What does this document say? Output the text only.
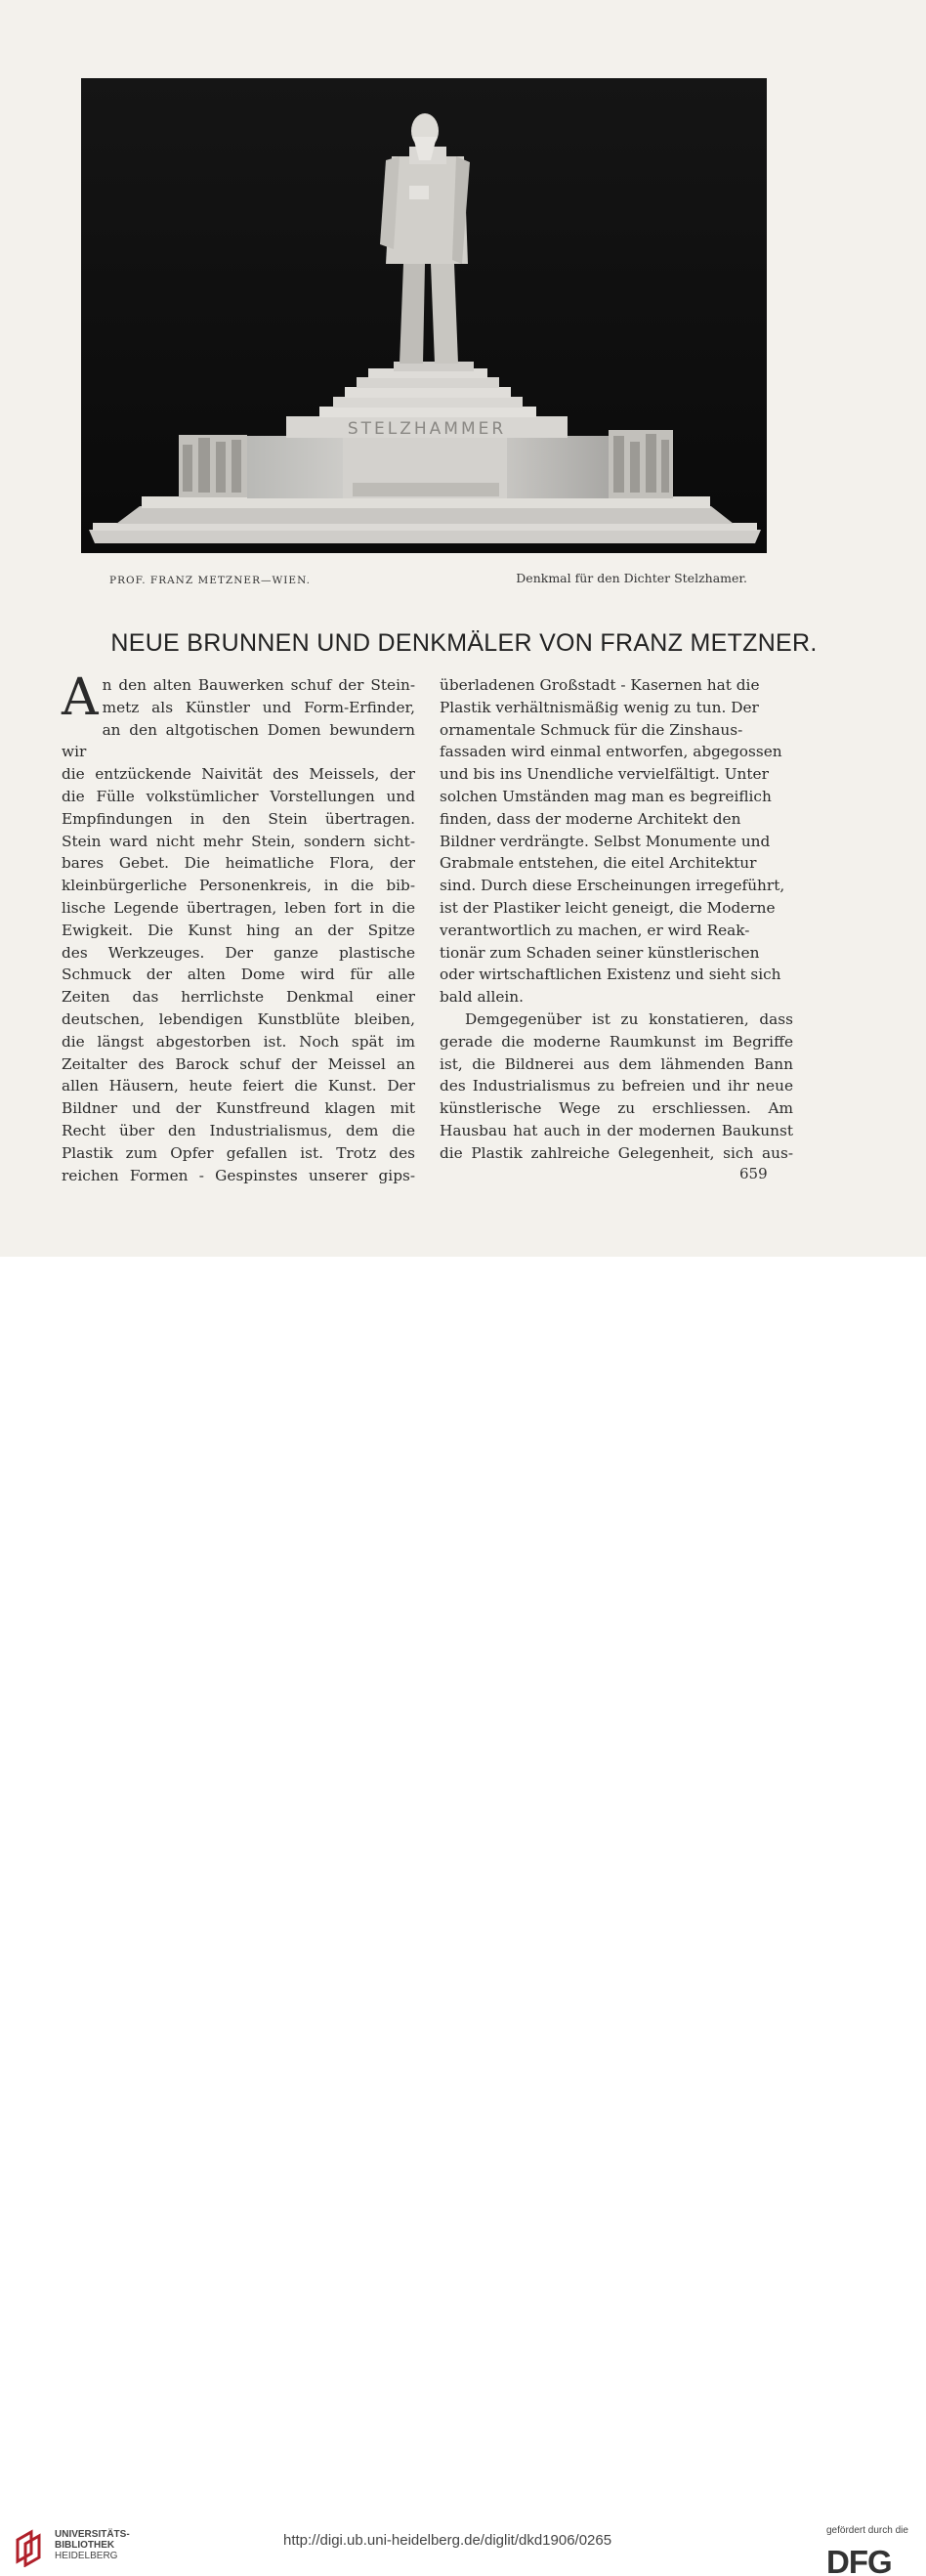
STELZHAMMER
PROF. FRANZ METZNER—WIEN.	Denkmal für den Dichter Stelzhamer.
NEUE BRUNNEN UND DENKMÄLER VON FRANZ METZNER.
A n den alten Bauwerken schuf der Stein-
metz als Künstler und Form-Erfinder,
an den altgotischen Domen bewundern wir
die entzückende Naivität des Meissels, der
die Fülle volkstümlicher Vorstellungen und
Empfindungen in den Stein übertragen.
Stein ward nicht mehr Stein, sondern sicht-
bares Gebet. Die heimatliche Flora, der
kleinbürgerliche Personenkreis, in die bib-
lische Legende übertragen, leben fort in die
Ewigkeit. Die Kunst hing an der Spitze
des Werkzeuges. Der ganze plastische
Schmuck der alten Dome wird für alle
Zeiten das herrlichste Denkmal einer
deutschen, lebendigen Kunstblüte bleiben,
die längst abgestorben ist. Noch spät im
Zeitalter des Barock schuf der Meissel an
allen Häusern, heute feiert die Kunst. Der
Bildner und der Kunstfreund klagen mit
Recht über den Industrialismus, dem die
Plastik zum Opfer gefallen ist. Trotz des
reichen Formen - Gespinstes unserer gips-

überladenen Großstadt - Kasernen hat die
Plastik verhältnismäßig wenig zu tun. Der
ornamentale Schmuck für die Zinshaus-
fassaden wird einmal entworfen, abgegossen
und bis ins Unendliche vervielfältigt. Unter
solchen Umständen mag man es begreiflich
finden, dass der moderne Architekt den
Bildner verdrängte. Selbst Monumente und
Grabmale entstehen, die eitel Architektur
sind. Durch diese Erscheinungen irregeführt,
ist der Plastiker leicht geneigt, die Moderne
verantwortlich zu machen, er wird Reak-
tionär zum Schaden seiner künstlerischen
oder wirtschaftlichen Existenz und sieht sich
bald allein.

Demgegenüber ist zu konstatieren, dass
gerade die moderne Raumkunst im Begriffe
ist, die Bildnerei aus dem lähmenden Bann
des Industrialismus zu befreien und ihr neue
künstlerische Wege zu erschliessen. Am
Hausbau hat auch in der modernen Baukunst
die Plastik zahlreiche Gelegenheit, sich aus-

659
UNIVERSITÄTS-
BIBLIOTHEK
HEIDELBERG
http://digi.ub.uni-heidelberg.de/diglit/dkd1906/0265
gefördert durch die
DFG
